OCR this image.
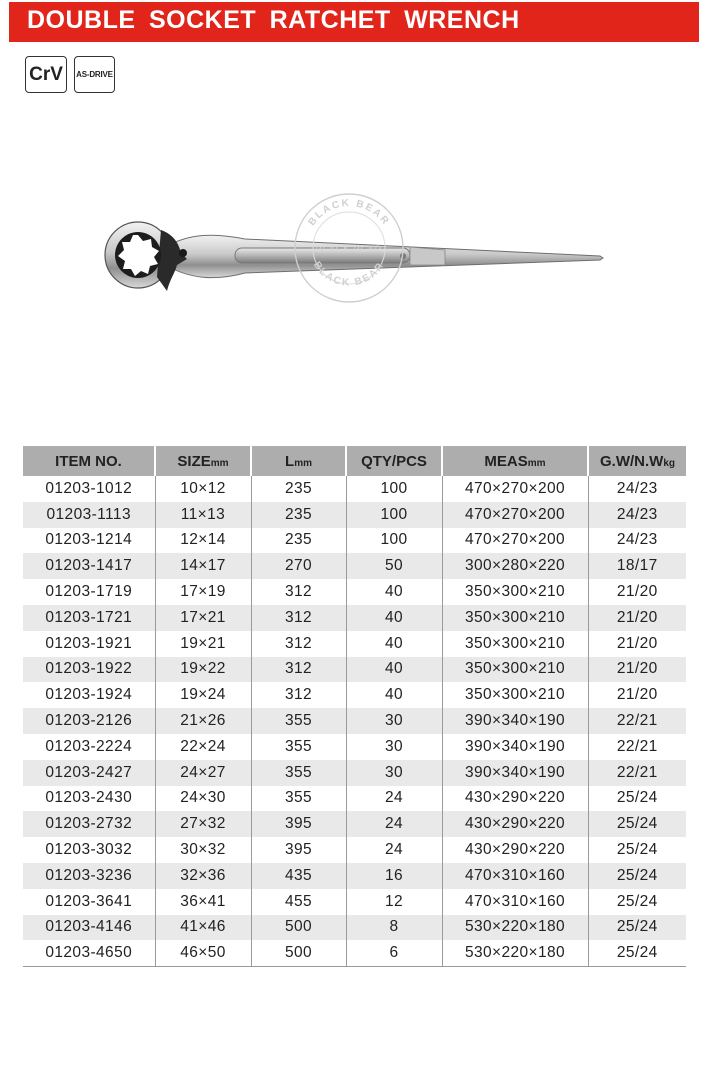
DOUBLE SOCKET RATCHET WRENCH
CrV	AS-DRIVE
BLACK BEAR
BLACK BEAR
BLACK BEAR
ITEM NO.	SIZEmm	Lmm	QTY/PCS	MEASmm	G.W/N.Wkg
01203-1012	10×12	235	100	470×270×200	24/23
01203-1113	11×13	235	100	470×270×200	24/23
01203-1214	12×14	235	100	470×270×200	24/23
01203-1417	14×17	270	50	300×280×220	18/17
01203-1719	17×19	312	40	350×300×210	21/20
01203-1721	17×21	312	40	350×300×210	21/20
01203-1921	19×21	312	40	350×300×210	21/20
01203-1922	19×22	312	40	350×300×210	21/20
01203-1924	19×24	312	40	350×300×210	21/20
01203-2126	21×26	355	30	390×340×190	22/21
01203-2224	22×24	355	30	390×340×190	22/21
01203-2427	24×27	355	30	390×340×190	22/21
01203-2430	24×30	355	24	430×290×220	25/24
01203-2732	27×32	395	24	430×290×220	25/24
01203-3032	30×32	395	24	430×290×220	25/24
01203-3236	32×36	435	16	470×310×160	25/24
01203-3641	36×41	455	12	470×310×160	25/24
01203-4146	41×46	500	8	530×220×180	25/24
01203-4650	46×50	500	6	530×220×180	25/24
